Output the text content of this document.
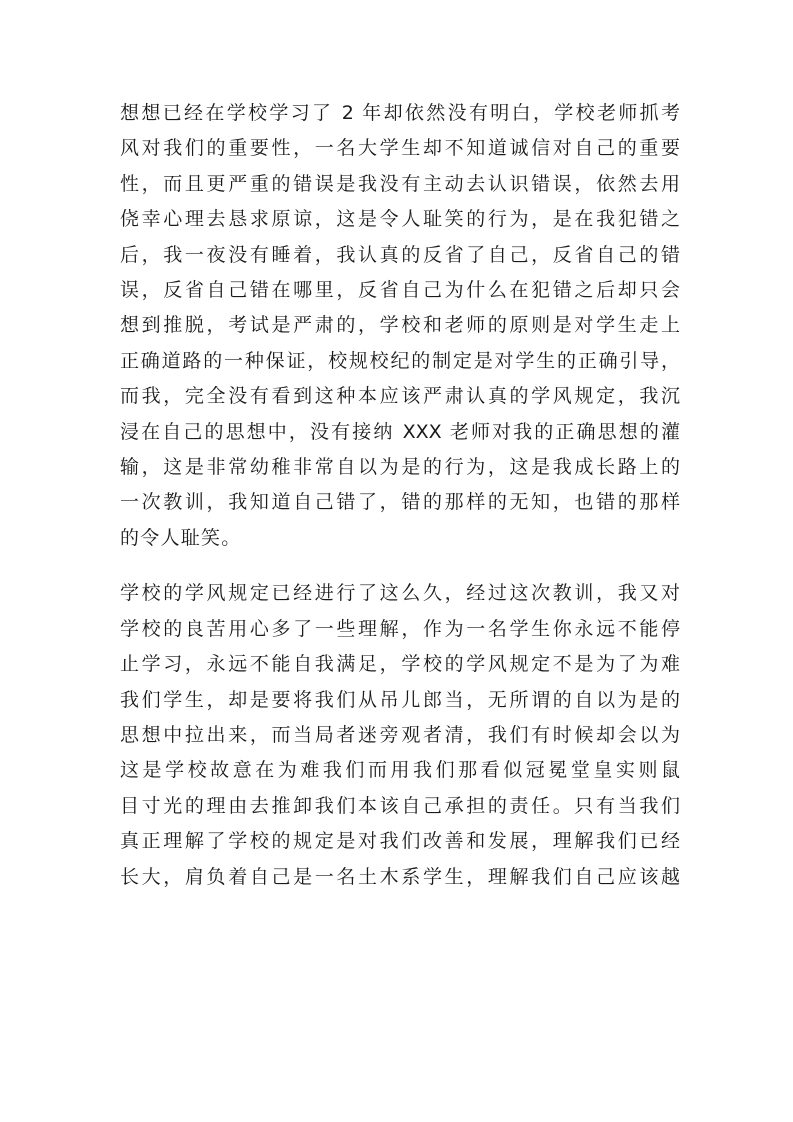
想想已经在学校学习了 2 年却依然没有明白，学校老师抓考
风对我们的重要性，一名大学生却不知道诚信对自己的重要
性，而且更严重的错误是我没有主动去认识错误，依然去用
侥幸心理去恳求原谅，这是令人耻笑的行为，是在我犯错之
后，我一夜没有睡着，我认真的反省了自己，反省自己的错
误，反省自己错在哪里，反省自己为什么在犯错之后却只会
想到推脱，考试是严肃的，学校和老师的原则是对学生走上
正确道路的一种保证，校规校纪的制定是对学生的正确引导，
而我，完全没有看到这种本应该严肃认真的学风规定，我沉
浸在自己的思想中，没有接纳 XXX 老师对我的正确思想的灌
输，这是非常幼稚非常自以为是的行为，这是我成长路上的
一次教训，我知道自己错了，错的那样的无知，也错的那样
的令人耻笑。
学校的学风规定已经进行了这么久，经过这次教训，我又对
学校的良苦用心多了一些理解，作为一名学生你永远不能停
止学习，永远不能自我满足，学校的学风规定不是为了为难
我们学生，却是要将我们从吊儿郎当，无所谓的自以为是的
思想中拉出来，而当局者迷旁观者清，我们有时候却会以为
这是学校故意在为难我们而用我们那看似冠冕堂皇实则鼠
目寸光的理由去推卸我们本该自己承担的责任。只有当我们
真正理解了学校的规定是对我们改善和发展，理解我们已经
长大，肩负着自己是一名土木系学生，理解我们自己应该越
